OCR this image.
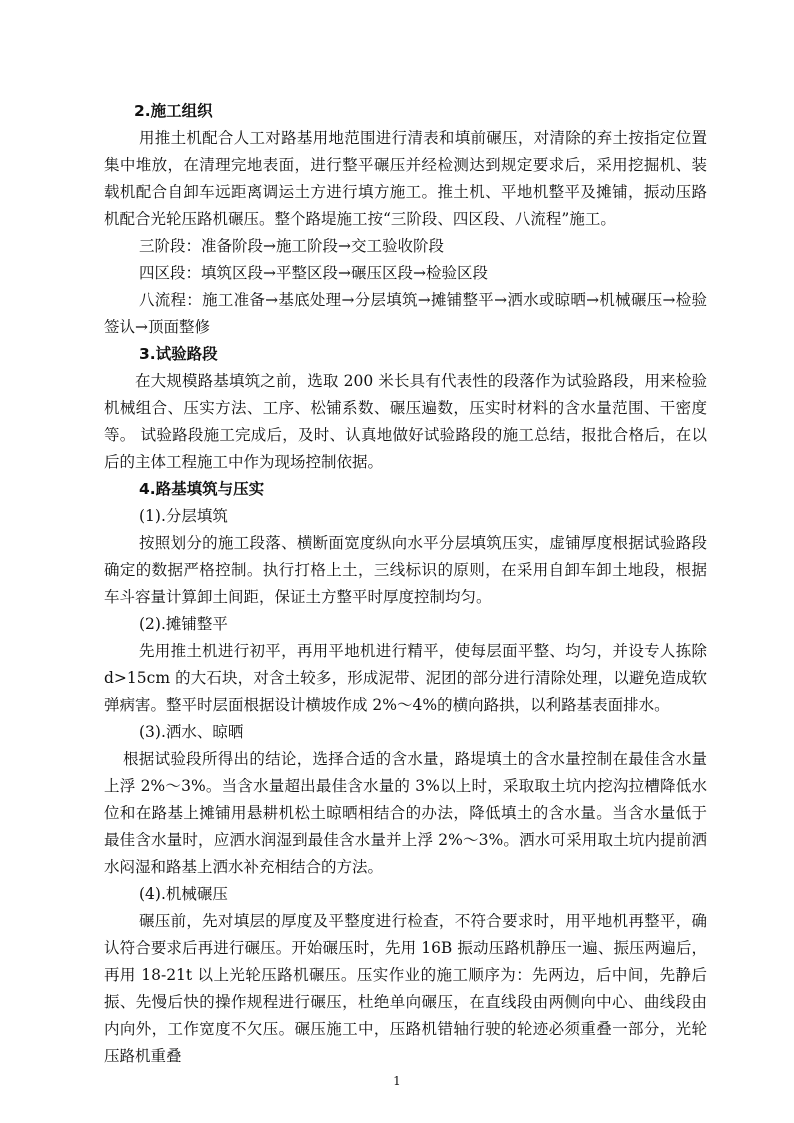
2.施工组织

用推土机配合人工对路基用地范围进行清表和填前碾压，对清除的弃土按指定位置集中堆放，在清理完地表面，进行整平碾压并经检测达到规定要求后，采用挖掘机、装载机配合自卸车远距离调运土方进行填方施工。推土机、平地机整平及摊铺，振动压路机配合光轮压路机碾压。整个路堤施工按“三阶段、四区段、八流程”施工。

三阶段：准备阶段→施工阶段→交工验收阶段

四区段：填筑区段→平整区段→碾压区段→检验区段

八流程：施工准备→基底处理→分层填筑→摊铺整平→洒水或晾晒→机械碾压→检验签认→顶面整修

3.试验路段

在大规模路基填筑之前，选取 200 米长具有代表性的段落作为试验路段，用来检验机械组合、压实方法、工序、松铺系数、碾压遍数，压实时材料的含水量范围、干密度等。 试验路段施工完成后，及时、认真地做好试验路段的施工总结，报批合格后，在以后的主体工程施工中作为现场控制依据。

4.路基填筑与压实

(1).分层填筑

按照划分的施工段落、横断面宽度纵向水平分层填筑压实，虚铺厚度根据试验路段确定的数据严格控制。执行打格上土，三线标识的原则，在采用自卸车卸土地段，根据车斗容量计算卸土间距，保证土方整平时厚度控制均匀。

(2).摊铺整平

先用推土机进行初平，再用平地机进行精平，使每层面平整、均匀，并设专人拣除d>15cm 的大石块，对含土较多，形成泥带、泥团的部分进行清除处理，以避免造成软弹病害。整平时层面根据设计横坡作成 2%～4%的横向路拱，以利路基表面排水。

(3).洒水、晾晒

根据试验段所得出的结论，选择合适的含水量，路堤填土的含水量控制在最佳含水量上浮 2%～3%。当含水量超出最佳含水量的 3%以上时，采取取土坑内挖沟拉槽降低水位和在路基上摊铺用悬耕机松土晾晒相结合的办法，降低填土的含水量。当含水量低于最佳含水量时，应洒水润湿到最佳含水量并上浮 2%～3%。洒水可采用取土坑内提前洒水闷湿和路基上洒水补充相结合的方法。

(4).机械碾压

碾压前，先对填层的厚度及平整度进行检查，不符合要求时，用平地机再整平，确认符合要求后再进行碾压。开始碾压时，先用 16B 振动压路机静压一遍、振压两遍后，再用 18-21t 以上光轮压路机碾压。压实作业的施工顺序为：先两边，后中间，先静后振、先慢后快的操作规程进行碾压，杜绝单向碾压，在直线段由两侧向中心、曲线段由内向外，工作宽度不欠压。碾压施工中，压路机错轴行驶的轮迹必须重叠一部分，光轮压路机重叠

1
